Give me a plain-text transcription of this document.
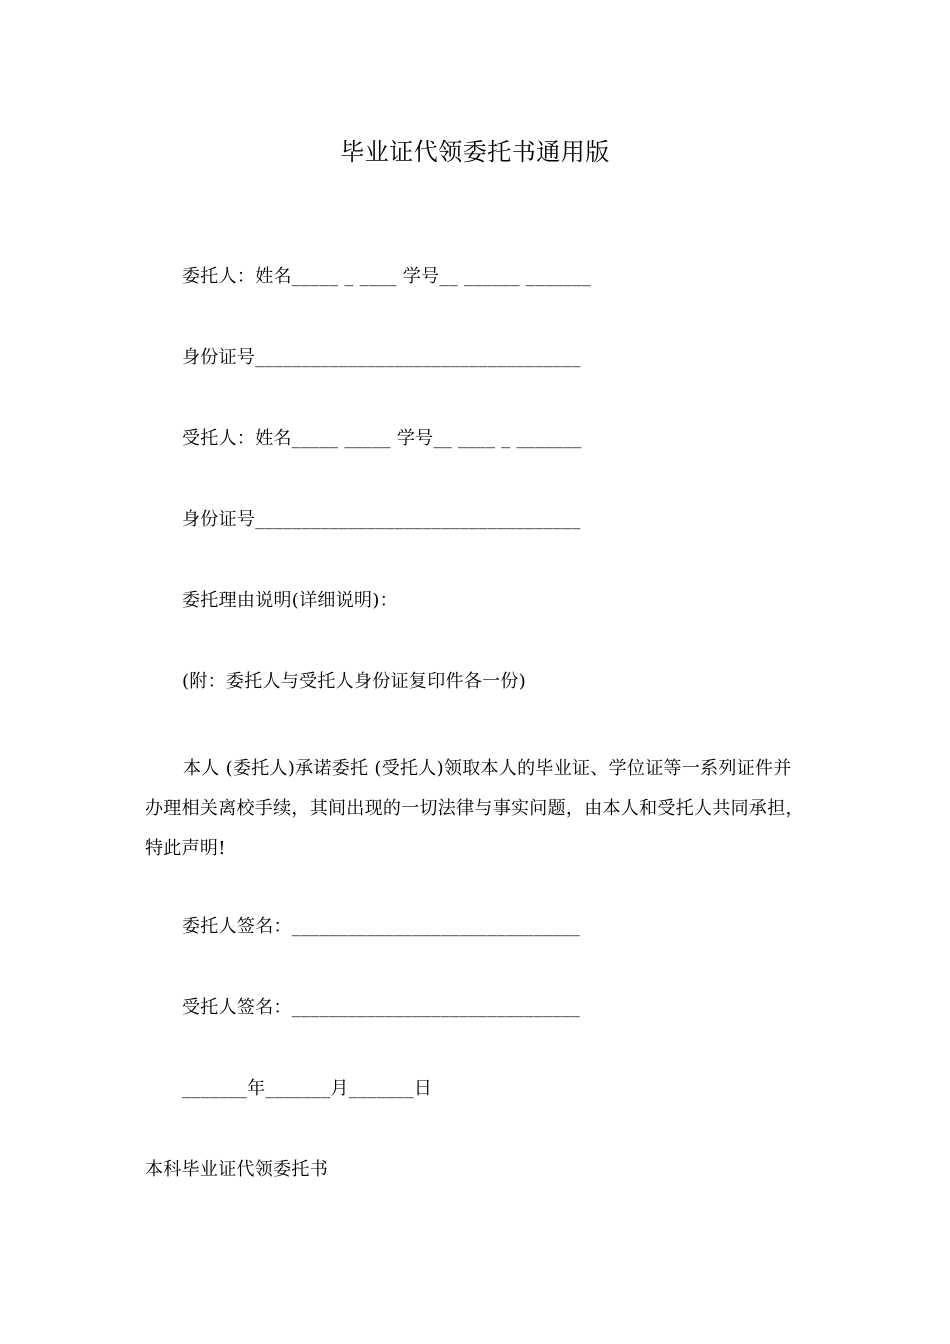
毕业证代领委托书通用版
委托人：姓名_____ _ ____ 学号__ ______ _______
身份证号___________________________________
受托人：姓名_____ _____ 学号__ ____ _ _______
身份证号___________________________________
委托理由说明(详细说明)：
(附：委托人与受托人身份证复印件各一份)
本人 (委托人)承诺委托 (受托人)领取本人的毕业证、学位证等一系列证件并办理相关离校手续，其间出现的一切法律与事实问题，由本人和受托人共同承担，特此声明!
委托人签名：_______________________________
受托人签名：_______________________________
_______年_______月_______日
本科毕业证代领委托书
